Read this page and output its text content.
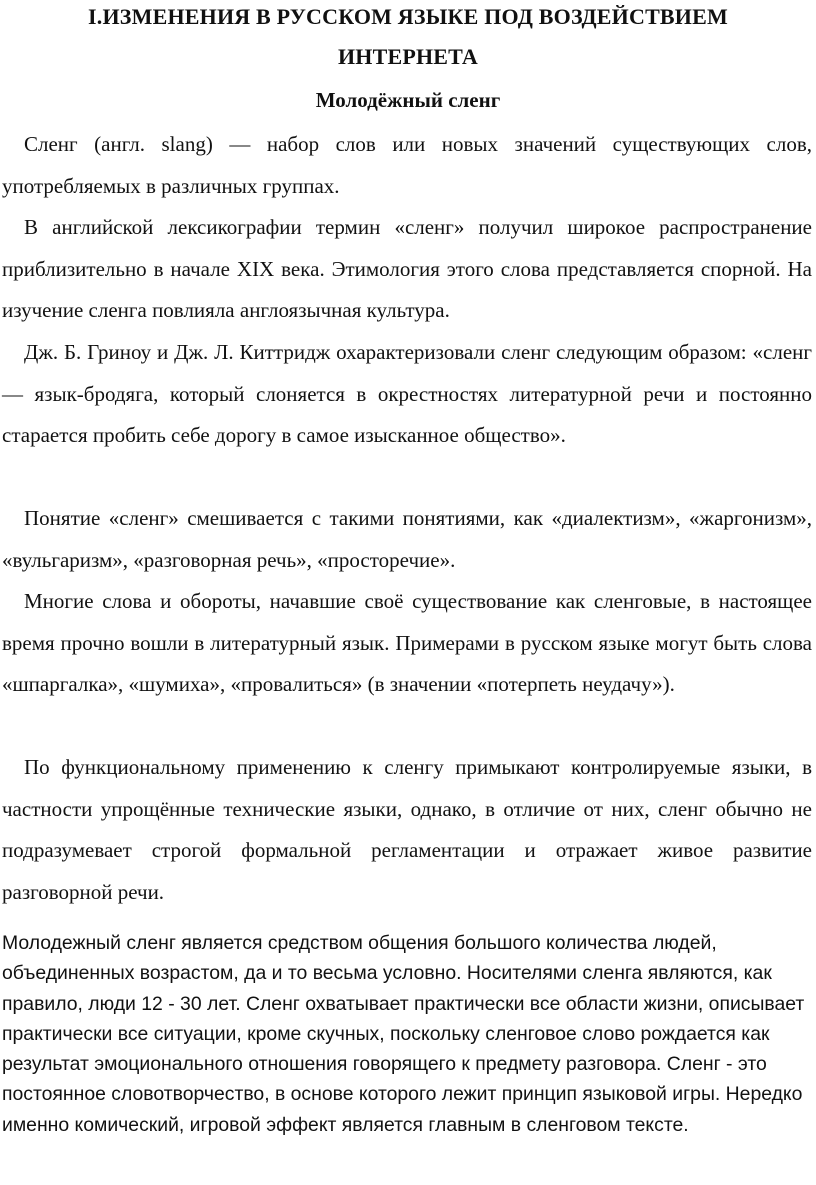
I.ИЗМЕНЕНИЯ В РУССКОМ ЯЗЫКЕ ПОД ВОЗДЕЙСТВИЕМ
ИНТЕРНЕТА
Молодёжный сленг
Сленг (англ. slang) — набор слов или новых значений существующих слов, употребляемых в различных группах.
В английской лексикографии термин «сленг» получил широкое распространение приблизительно в начале XIX века. Этимология этого слова представляется спорной. На изучение сленга повлияла англоязычная культура.
Дж. Б. Гриноу и Дж. Л. Киттридж охарактеризовали сленг следующим образом: «сленг — язык-бродяга, который слоняется в окрестностях литературной речи и постоянно старается пробить себе дорогу в самое изысканное общество».
Понятие «сленг» смешивается с такими понятиями, как «диалектизм», «жаргонизм», «вульгаризм», «разговорная речь», «просторечие».
Многие слова и обороты, начавшие своё существование как сленговые, в настоящее время прочно вошли в литературный язык. Примерами в русском языке могут быть слова «шпаргалка», «шумиха», «провалиться» (в значении «потерпеть неудачу»).
По функциональному применению к сленгу примыкают контролируемые языки, в частности упрощённые технические языки, однако, в отличие от них, сленг обычно не подразумевает строгой формальной регламентации и отражает живое развитие разговорной речи.
Молодежный сленг является средством общения большого количества людей, объединенных возрастом, да и то весьма условно. Носителями сленга являются, как правило, люди 12 - 30 лет. Сленг охватывает практически все области жизни, описывает практически все ситуации, кроме скучных, поскольку сленговое слово рождается как результат эмоционального отношения говорящего к предмету разговора. Сленг - это постоянное словотворчество, в основе которого лежит принцип языковой игры. Нередко именно комический, игровой эффект является главным в сленговом тексте.
